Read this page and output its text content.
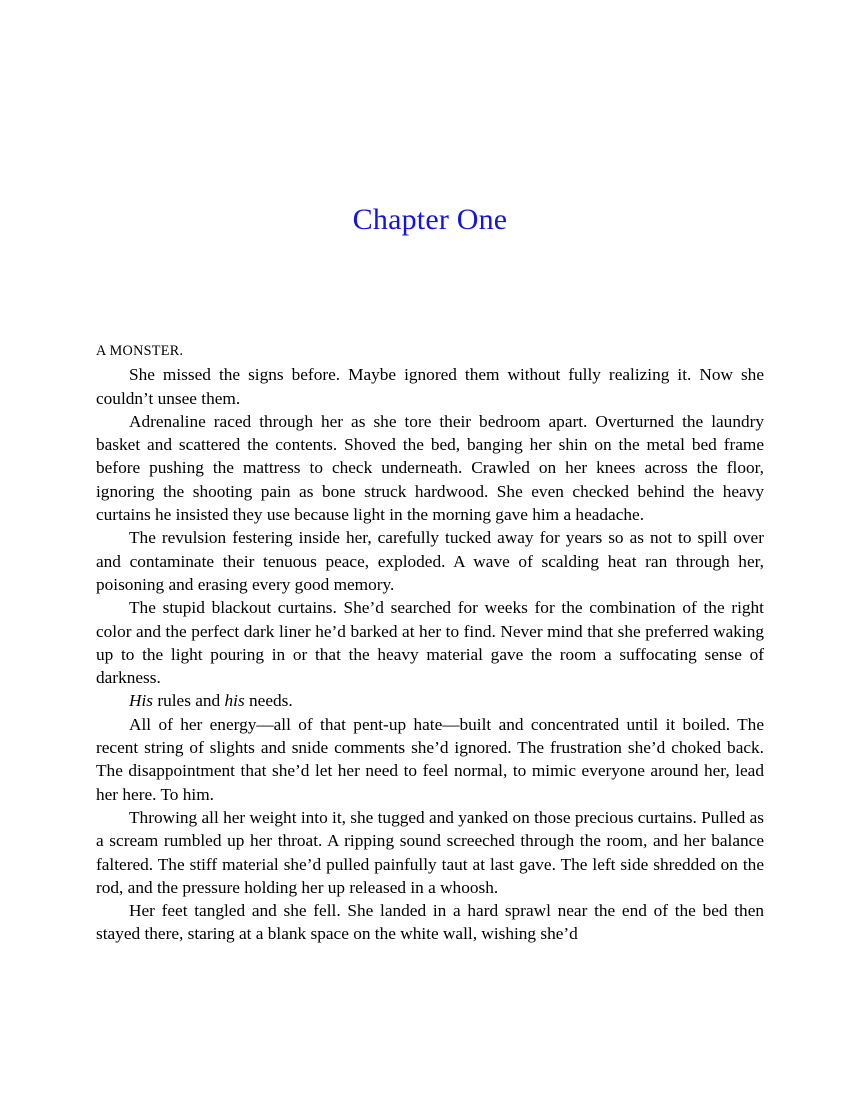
Chapter One

A MONSTER.
She missed the signs before. Maybe ignored them without fully realizing it. Now she couldn’t unsee them.

Adrenaline raced through her as she tore their bedroom apart. Overturned the laundry basket and scattered the contents. Shoved the bed, banging her shin on the metal bed frame before pushing the mattress to check underneath. Crawled on her knees across the floor, ignoring the shooting pain as bone struck hardwood. She even checked behind the heavy curtains he insisted they use because light in the morning gave him a headache.

The revulsion festering inside her, carefully tucked away for years so as not to spill over and contaminate their tenuous peace, exploded. A wave of scalding heat ran through her, poisoning and erasing every good memory.

The stupid blackout curtains. She’d searched for weeks for the combination of the right color and the perfect dark liner he’d barked at her to find. Never mind that she preferred waking up to the light pouring in or that the heavy material gave the room a suffocating sense of darkness.

His rules and his needs.

All of her energy—all of that pent-up hate—built and concentrated until it boiled. The recent string of slights and snide comments she’d ignored. The frustration she’d choked back. The disappointment that she’d let her need to feel normal, to mimic everyone around her, lead her here. To him.

Throwing all her weight into it, she tugged and yanked on those precious curtains. Pulled as a scream rumbled up her throat. A ripping sound screeched through the room, and her balance faltered. The stiff material she’d pulled painfully taut at last gave. The left side shredded on the rod, and the pressure holding her up released in a whoosh.

Her feet tangled and she fell. She landed in a hard sprawl near the end of the bed then stayed there, staring at a blank space on the white wall, wishing she’d
